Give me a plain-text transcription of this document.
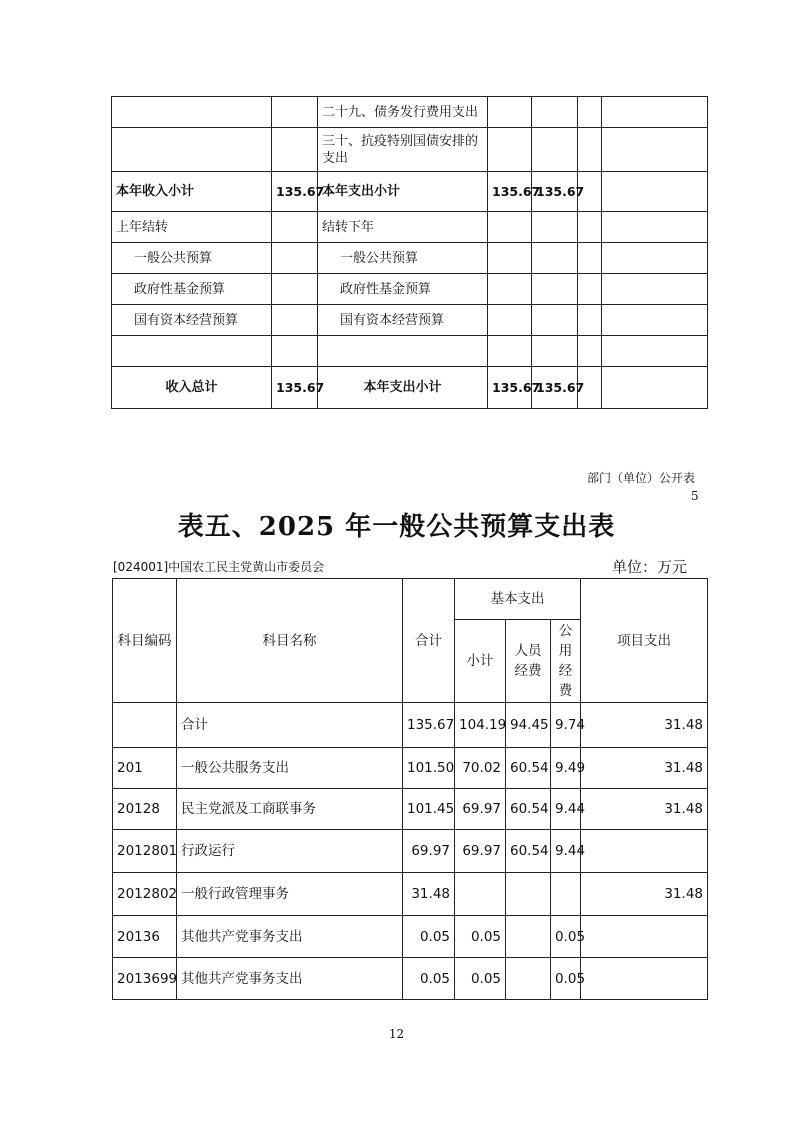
		二十九、债务发行费用支出				
		三十、抗疫特别国债安排的支出				
本年收入小计	135.67	本年支出小计	135.67	135.67		
上年结转		结转下年				
一般公共预算		一般公共预算				
政府性基金预算		政府性基金预算				
国有资本经营预算		国有资本经营预算				

收入总计	135.67	本年支出小计	135.67	135.67		
部门（单位）公开表
5
表五、2025 年一般公共预算支出表
[024001]中国农工民主党黄山市委员会	单位：万元
科目编码	科目名称	合计	基本支出			项目支出
			小计	人员经费	公用经费	
	合计	135.67	104.19	94.45	9.74	31.48
201	一般公共服务支出	101.50	70.02	60.54	9.49	31.48
20128	民主党派及工商联事务	101.45	69.97	60.54	9.44	31.48
2012801	行政运行	69.97	69.97	60.54	9.44	
2012802	一般行政管理事务	31.48				31.48
20136	其他共产党事务支出	0.05	0.05		0.05	
2013699	其他共产党事务支出	0.05	0.05		0.05	
12
